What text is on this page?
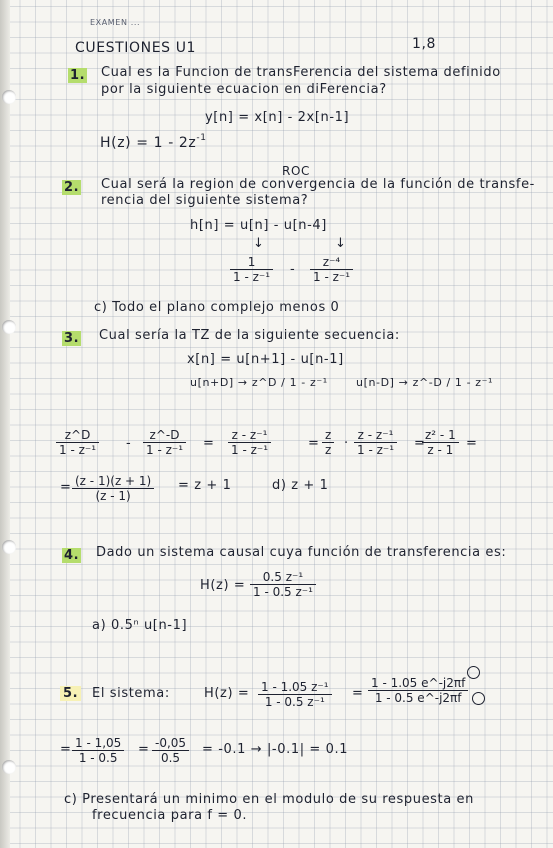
EXAMEN ...
CUESTIONES U1	1,8
1. Cual es la Funcion de transFerencia del sistema definido
por la siguiente ecuacion en diFerencia?
y[n] = x[n] - 2x[n-1]
$H(z) = 1 - 2z^{-1}$
ROC
2. Cual será la region de convergencia de la función de transfe-
rencia del siguiente sistema?
h[n] = u[n] - u[n-4]
↓	↓
$\frac{1}{\text{1 - z⁻¹}} - \frac{\text{z⁻⁴}}{\text{1 - z⁻¹}}$
c) Todo el plano complejo menos 0
3. Cual sería la TZ de la siguiente secuencia:
x[n] = u[n+1] - u[n-1]
u[n+D] → z^D / 1 - z⁻¹	u[n-D] → z^-D / 1 - z⁻¹
$\frac{z\^{}D}{\text{1 - z⁻¹}} - \frac{z\^{}-D}{\text{1 - z⁻¹}} = \frac{\text{z - z⁻¹}}{\text{1 - z⁻¹}}$	= $\frac{z}{z} \cdot \frac{\text{z - z⁻¹}}{\text{1 - z⁻¹}}$ =
$\frac{\text{z² - 1}}{z - 1}$ =
= $\frac{(z - 1)(z + 1)}{(z - 1)} = z + 1$	d) z + 1
4. Dado un sistema causal cuya función de transferencia es:
$H(z) = \frac{\text{0.5 z⁻¹}}{\text{1 - 0.5 z⁻¹}}$
a) 0.5ⁿ u[n-1]
5. El sistema:	$H(z) = \frac{\text{1 - 1.05 z⁻¹}}{\text{1 - 0.5 z⁻¹}} = \frac{1 - 1.05 e\^{}-j2\pi f}{1 - 0.5 e\^{}-j2\pi f}$
= $\frac{1 - 1,05}{1 - 0.5} = \frac{-0,05}{0.5} = -0.1 \to |-0.1| = 0.1$
c) Presentará un minimo en el modulo de su respuesta en
frecuencia para f = 0.
